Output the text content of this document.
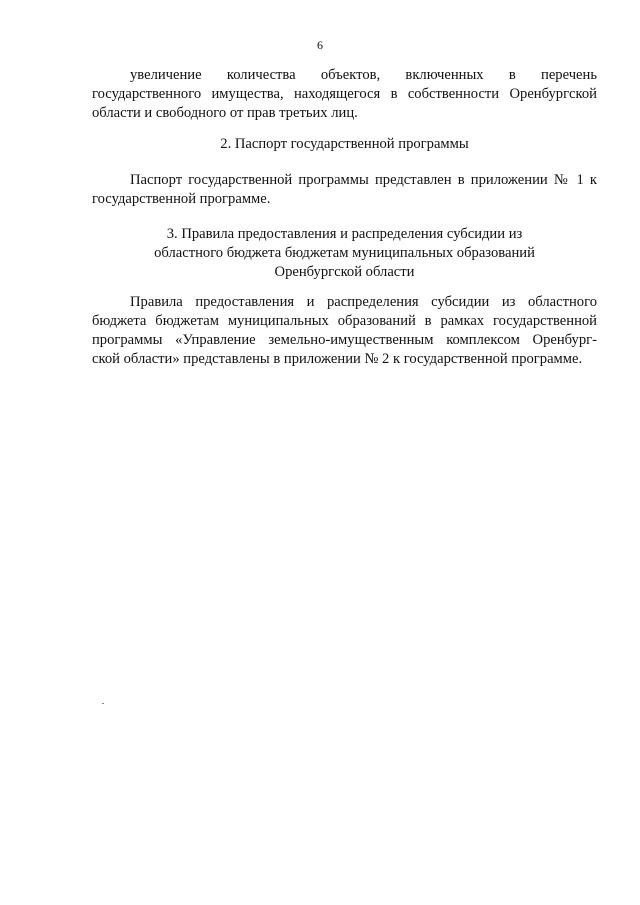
6
увеличение количества объектов, включенных в перечень
государственного имущества, находящегося в собственности Оренбургской
области и свободного от прав третьих лиц.
2. Паспорт государственной программы
Паспорт государственной программы представлен в приложении № 1 к
государственной программе.
3. Правила предоставления и распределения субсидии из
областного бюджета бюджетам муниципальных образований
Оренбургской области
Правила предоставления и распределения субсидии из областного
бюджета бюджетам муниципальных образований в рамках государственной
программы «Управление земельно-имущественным комплексом Оренбург-
ской области» представлены в приложении № 2 к государственной программе.
